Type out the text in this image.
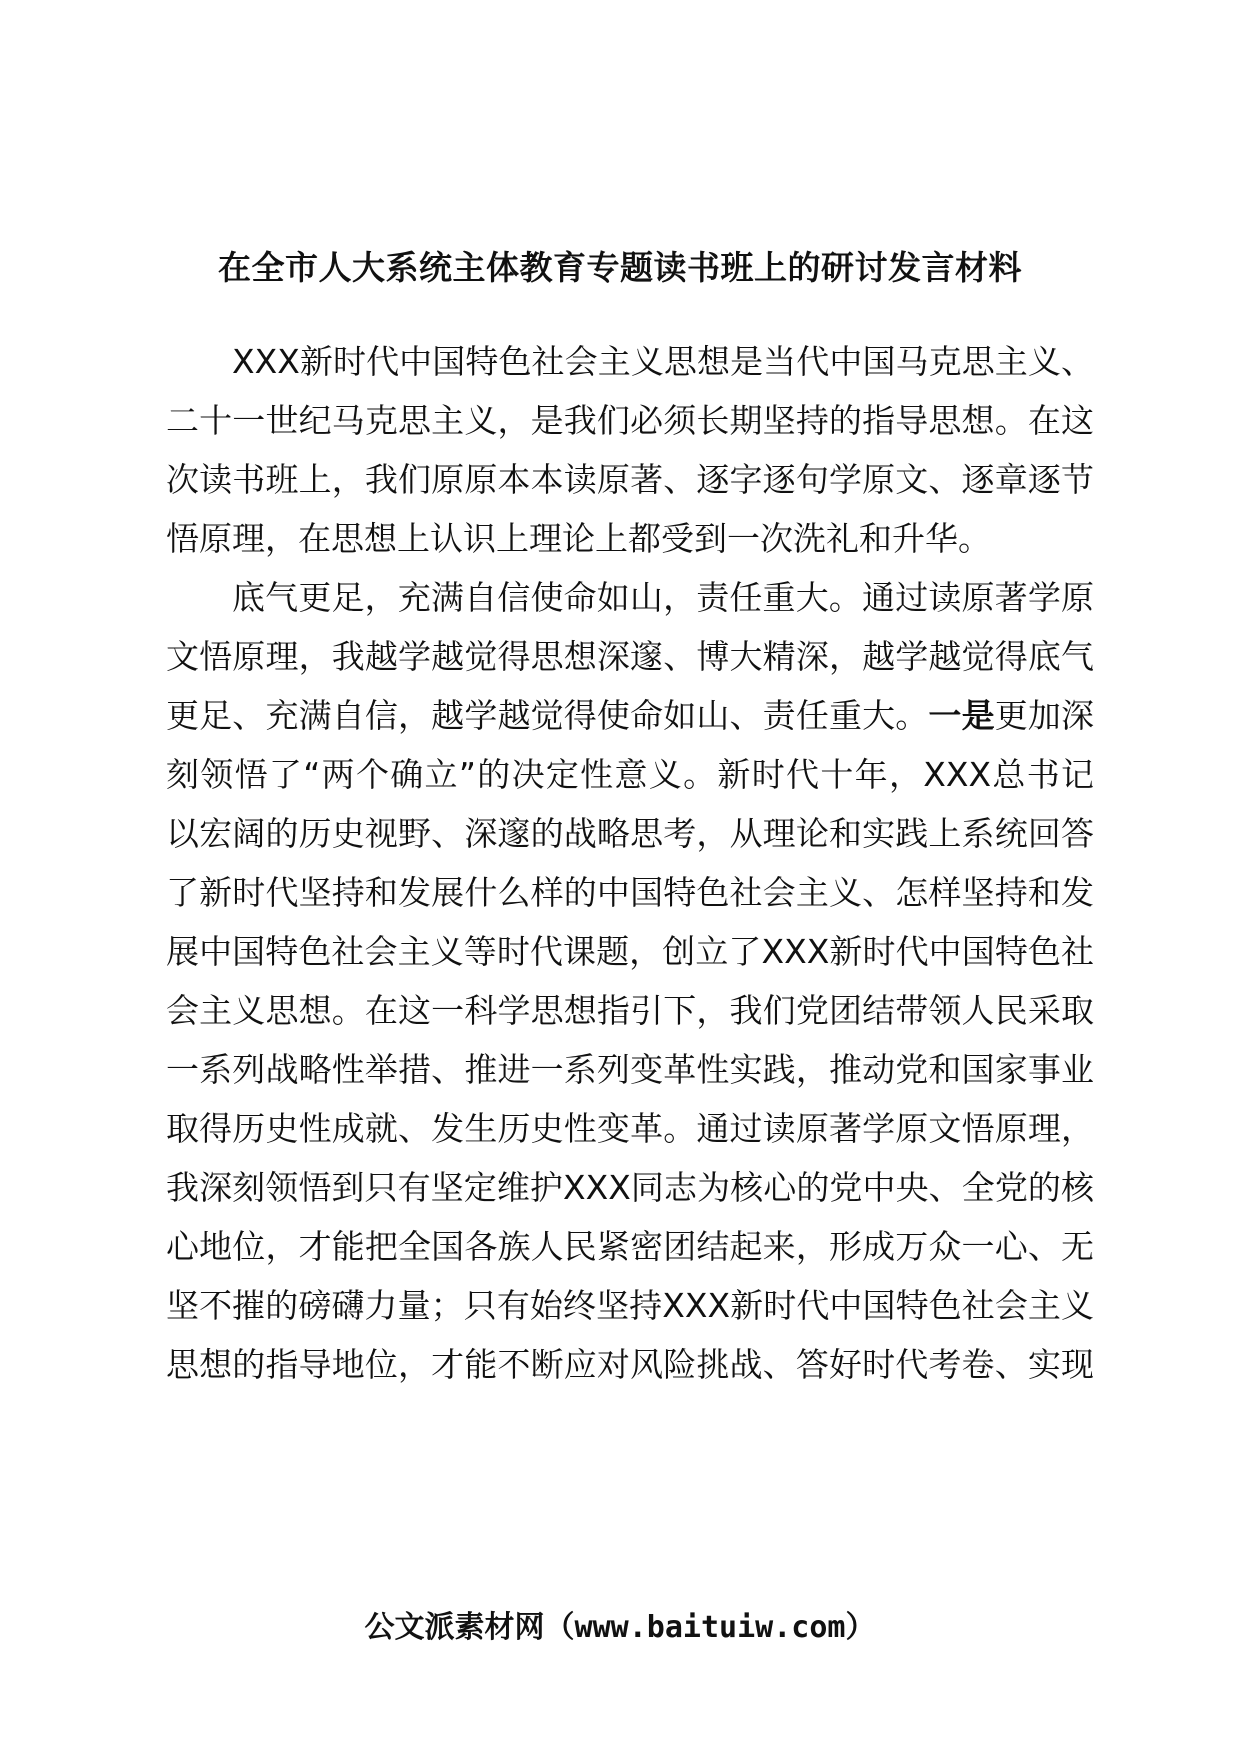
在全市人大系统主体教育专题读书班上的研讨发言材料
XXX新时代中国特色社会主义思想是当代中国马克思主义、
二十一世纪马克思主义，是我们必须长期坚持的指导思想。在这
次读书班上，我们原原本本读原著、逐字逐句学原文、逐章逐节
悟原理，在思想上认识上理论上都受到一次洗礼和升华。
底气更足，充满自信使命如山，责任重大。通过读原著学原
文悟原理，我越学越觉得思想深邃、博大精深，越学越觉得底气
更足、充满自信，越学越觉得使命如山、责任重大。一是更加深
刻领悟了“两个确立”的决定性意义。新时代十年，XXX总书记
以宏阔的历史视野、深邃的战略思考，从理论和实践上系统回答
了新时代坚持和发展什么样的中国特色社会主义、怎样坚持和发
展中国特色社会主义等时代课题，创立了XXX新时代中国特色社
会主义思想。在这一科学思想指引下，我们党团结带领人民采取
一系列战略性举措、推进一系列变革性实践，推动党和国家事业
取得历史性成就、发生历史性变革。通过读原著学原文悟原理，
我深刻领悟到只有坚定维护XXX同志为核心的党中央、全党的核
心地位，才能把全国各族人民紧密团结起来，形成万众一心、无
坚不摧的磅礴力量；只有始终坚持XXX新时代中国特色社会主义
思想的指导地位，才能不断应对风险挑战、答好时代考卷、实现
公文派素材网（www.baituiw.com）
